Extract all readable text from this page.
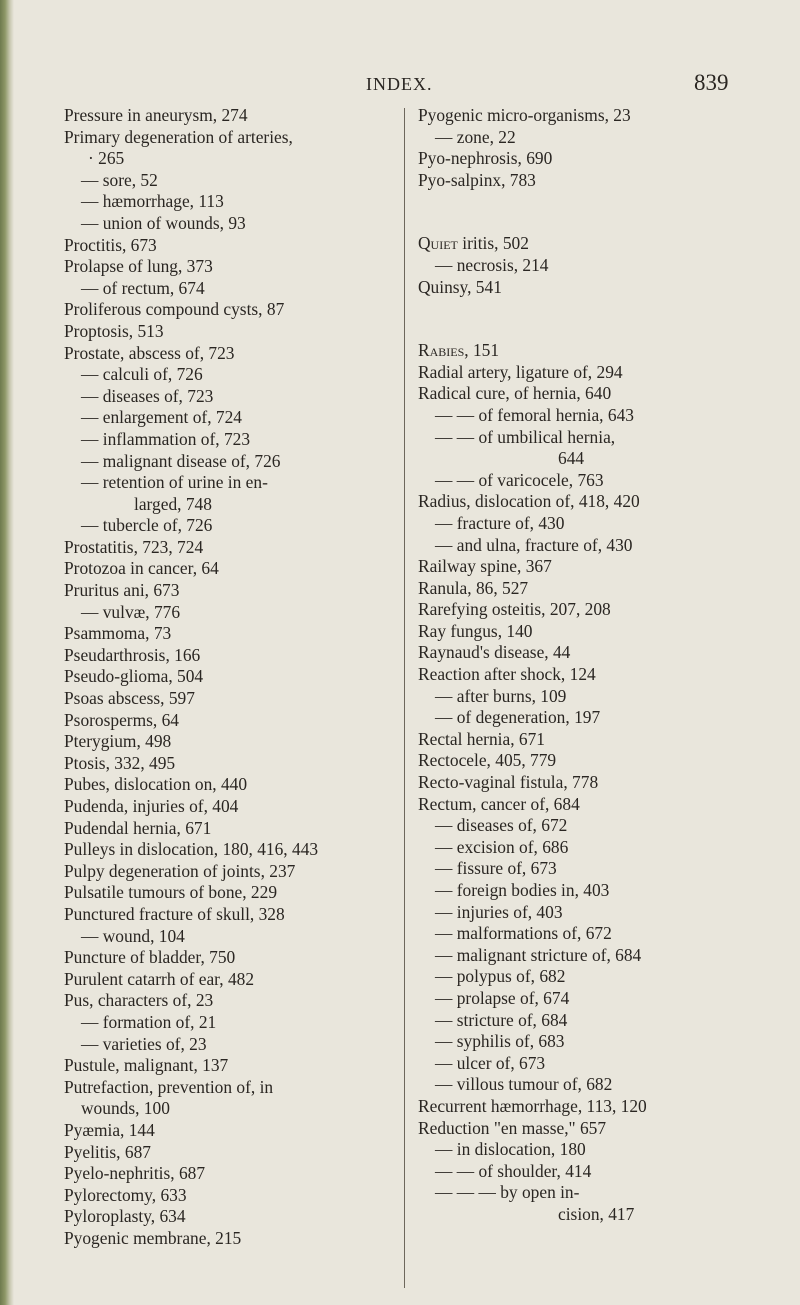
INDEX.	839
Pressure in aneurysm, 274
Primary degeneration of arteries,
· 265
— sore, 52
— hæmorrhage, 113
— union of wounds, 93
Proctitis, 673
Prolapse of lung, 373
— of rectum, 674
Proliferous compound cysts, 87
Proptosis, 513
Prostate, abscess of, 723
— calculi of, 726
— diseases of, 723
— enlargement of, 724
— inflammation of, 723
— malignant disease of, 726
— retention of urine in en-
larged, 748
— tubercle of, 726
Prostatitis, 723, 724
Protozoa in cancer, 64
Pruritus ani, 673
— vulvæ, 776
Psammoma, 73
Pseudarthrosis, 166
Pseudo-glioma, 504
Psoas abscess, 597
Psorosperms, 64
Pterygium, 498
Ptosis, 332, 495
Pubes, dislocation on, 440
Pudenda, injuries of, 404
Pudendal hernia, 671
Pulleys in dislocation, 180, 416, 443
Pulpy degeneration of joints, 237
Pulsatile tumours of bone, 229
Punctured fracture of skull, 328
— wound, 104
Puncture of bladder, 750
Purulent catarrh of ear, 482
Pus, characters of, 23
— formation of, 21
— varieties of, 23
Pustule, malignant, 137
Putrefaction, prevention of, in
wounds, 100
Pyæmia, 144
Pyelitis, 687
Pyelo-nephritis, 687
Pylorectomy, 633
Pyloroplasty, 634
Pyogenic membrane, 215
Pyogenic micro-organisms, 23
— zone, 22
Pyo-nephrosis, 690
Pyo-salpinx, 783
Quiet iritis, 502
— necrosis, 214
Quinsy, 541
Rabies, 151
Radial artery, ligature of, 294
Radical cure, of hernia, 640
— — of femoral hernia, 643
— — of umbilical hernia,
644
— — of varicocele, 763
Radius, dislocation of, 418, 420
— fracture of, 430
— and ulna, fracture of, 430
Railway spine, 367
Ranula, 86, 527
Rarefying osteitis, 207, 208
Ray fungus, 140
Raynaud's disease, 44
Reaction after shock, 124
— after burns, 109
— of degeneration, 197
Rectal hernia, 671
Rectocele, 405, 779
Recto-vaginal fistula, 778
Rectum, cancer of, 684
— diseases of, 672
— excision of, 686
— fissure of, 673
— foreign bodies in, 403
— injuries of, 403
— malformations of, 672
— malignant stricture of, 684
— polypus of, 682
— prolapse of, 674
— stricture of, 684
— syphilis of, 683
— ulcer of, 673
— villous tumour of, 682
Recurrent hæmorrhage, 113, 120
Reduction "en masse," 657
— in dislocation, 180
— — of shoulder, 414
— — — by open in-
cision, 417
